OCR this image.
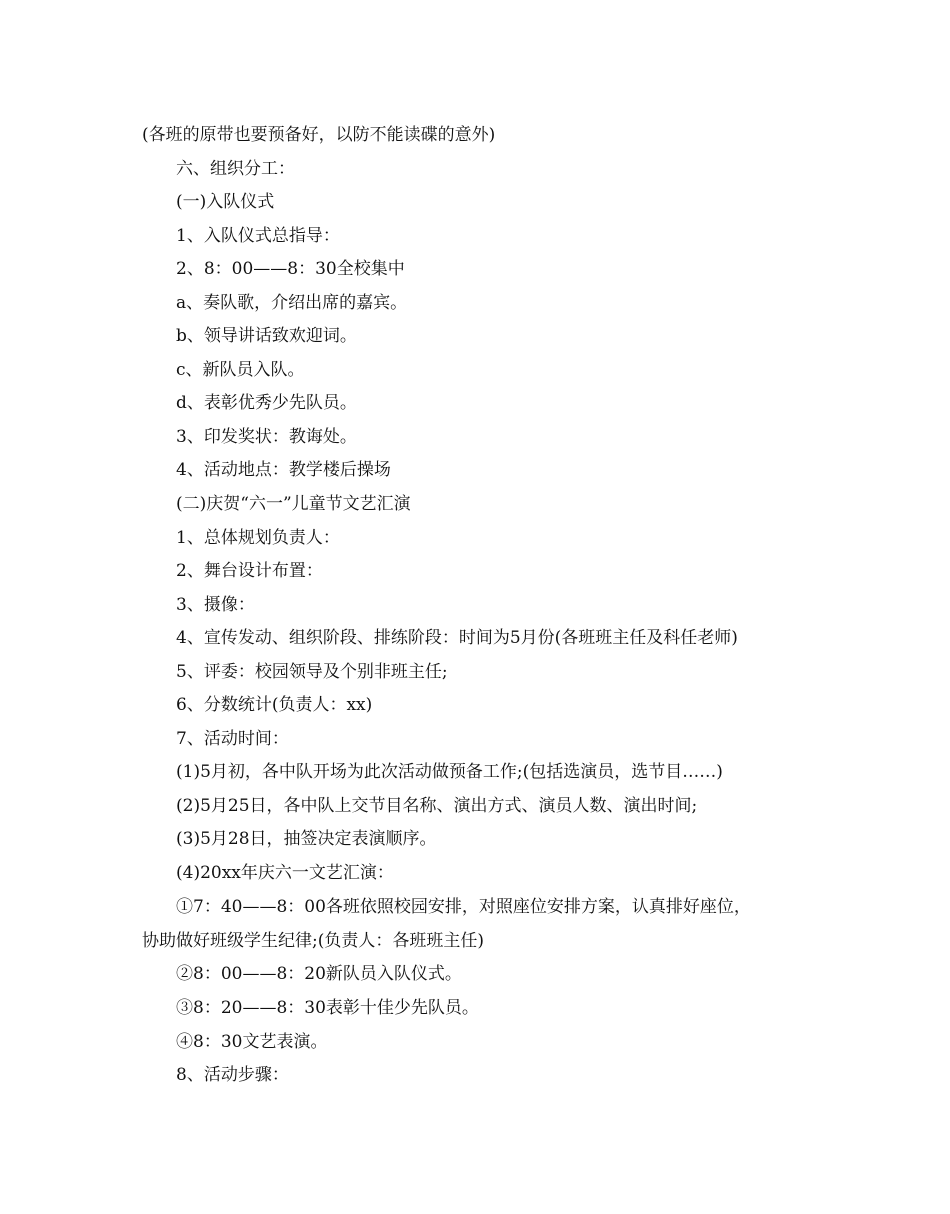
(各班的原带也要预备好，以防不能读碟的意外)
六、组织分工：
(一)入队仪式
1、入队仪式总指导：
2、8：00——8：30全校集中
a、奏队歌，介绍出席的嘉宾。
b、领导讲话致欢迎词。
c、新队员入队。
d、表彰优秀少先队员。
3、印发奖状：教诲处。
4、活动地点：教学楼后操场
(二)庆贺“六一”儿童节文艺汇演
1、总体规划负责人：
2、舞台设计布置：
3、摄像：
4、宣传发动、组织阶段、排练阶段：时间为5月份(各班班主任及科任老师)
5、评委：校园领导及个别非班主任;
6、分数统计(负责人：xx)
7、活动时间：
(1)5月初，各中队开场为此次活动做预备工作;(包括选演员，选节目……)
(2)5月25日，各中队上交节目名称、演出方式、演员人数、演出时间;
(3)5月28日，抽签决定表演顺序。
(4)20xx年庆六一文艺汇演：
①7：40——8：00各班依照校园安排，对照座位安排方案，认真排好座位，
协助做好班级学生纪律;(负责人：各班班主任)
②8：00——8：20新队员入队仪式。
③8：20——8：30表彰十佳少先队员。
④8：30文艺表演。
8、活动步骤：
